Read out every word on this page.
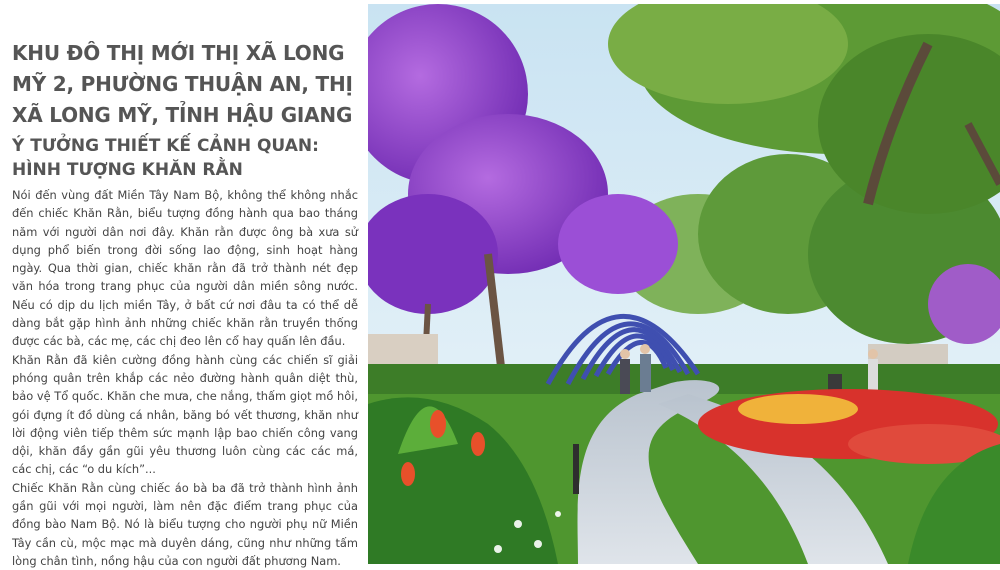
KHU ĐÔ THỊ MỚI THỊ XÃ LONG MỸ 2, PHƯỜNG THUẬN AN, THỊ XÃ LONG MỸ, TỈNH HẬU GIANG
Ý TƯỞNG THIẾT KẾ CẢNH QUAN: HÌNH TƯỢNG KHĂN RẰN

Nói đến vùng đất Miền Tây Nam Bộ, không thể không nhắc đến chiếc Khăn Rằn, biểu tượng đồng hành qua bao tháng năm với người dân nơi đây. Khăn rằn được ông bà xưa sử dụng phổ biến trong đời sống lao động, sinh hoạt hàng ngày. Qua thời gian, chiếc khăn rằn đã trở thành nét đẹp văn hóa trong trang phục của người dân miền sông nước. Nếu có dịp du lịch miền Tây, ở bất cứ nơi đâu ta có thể dễ dàng bắt gặp hình ảnh những chiếc khăn rằn truyền thống được các bà, các mẹ, các chị đeo lên cổ hay quấn lên đầu.

Khăn Rằn đã kiên cường đồng hành cùng các chiến sĩ giải phóng quân trên khắp các nẻo đường hành quân diệt thù, bảo vệ Tổ quốc. Khăn che mưa, che nắng, thấm giọt mồ hôi, gói đựng ít đồ dùng cá nhân, băng bó vết thương, khăn như lời động viên tiếp thêm sức mạnh lập bao chiến công vang dội, khăn đầy gần gũi yêu thương luôn cùng các các má, các chị, các “o du kích”...

Chiếc Khăn Rằn cùng chiếc áo bà ba đã trở thành hình ảnh gần gũi với mọi người, làm nên đặc điểm trang phục của đồng bào Nam Bộ. Nó là biểu tượng cho người phụ nữ Miền Tây cần cù, mộc mạc mà duyên dáng, cũng như những tấm lòng chân tình, nồng hậu của con người đất phương Nam.
